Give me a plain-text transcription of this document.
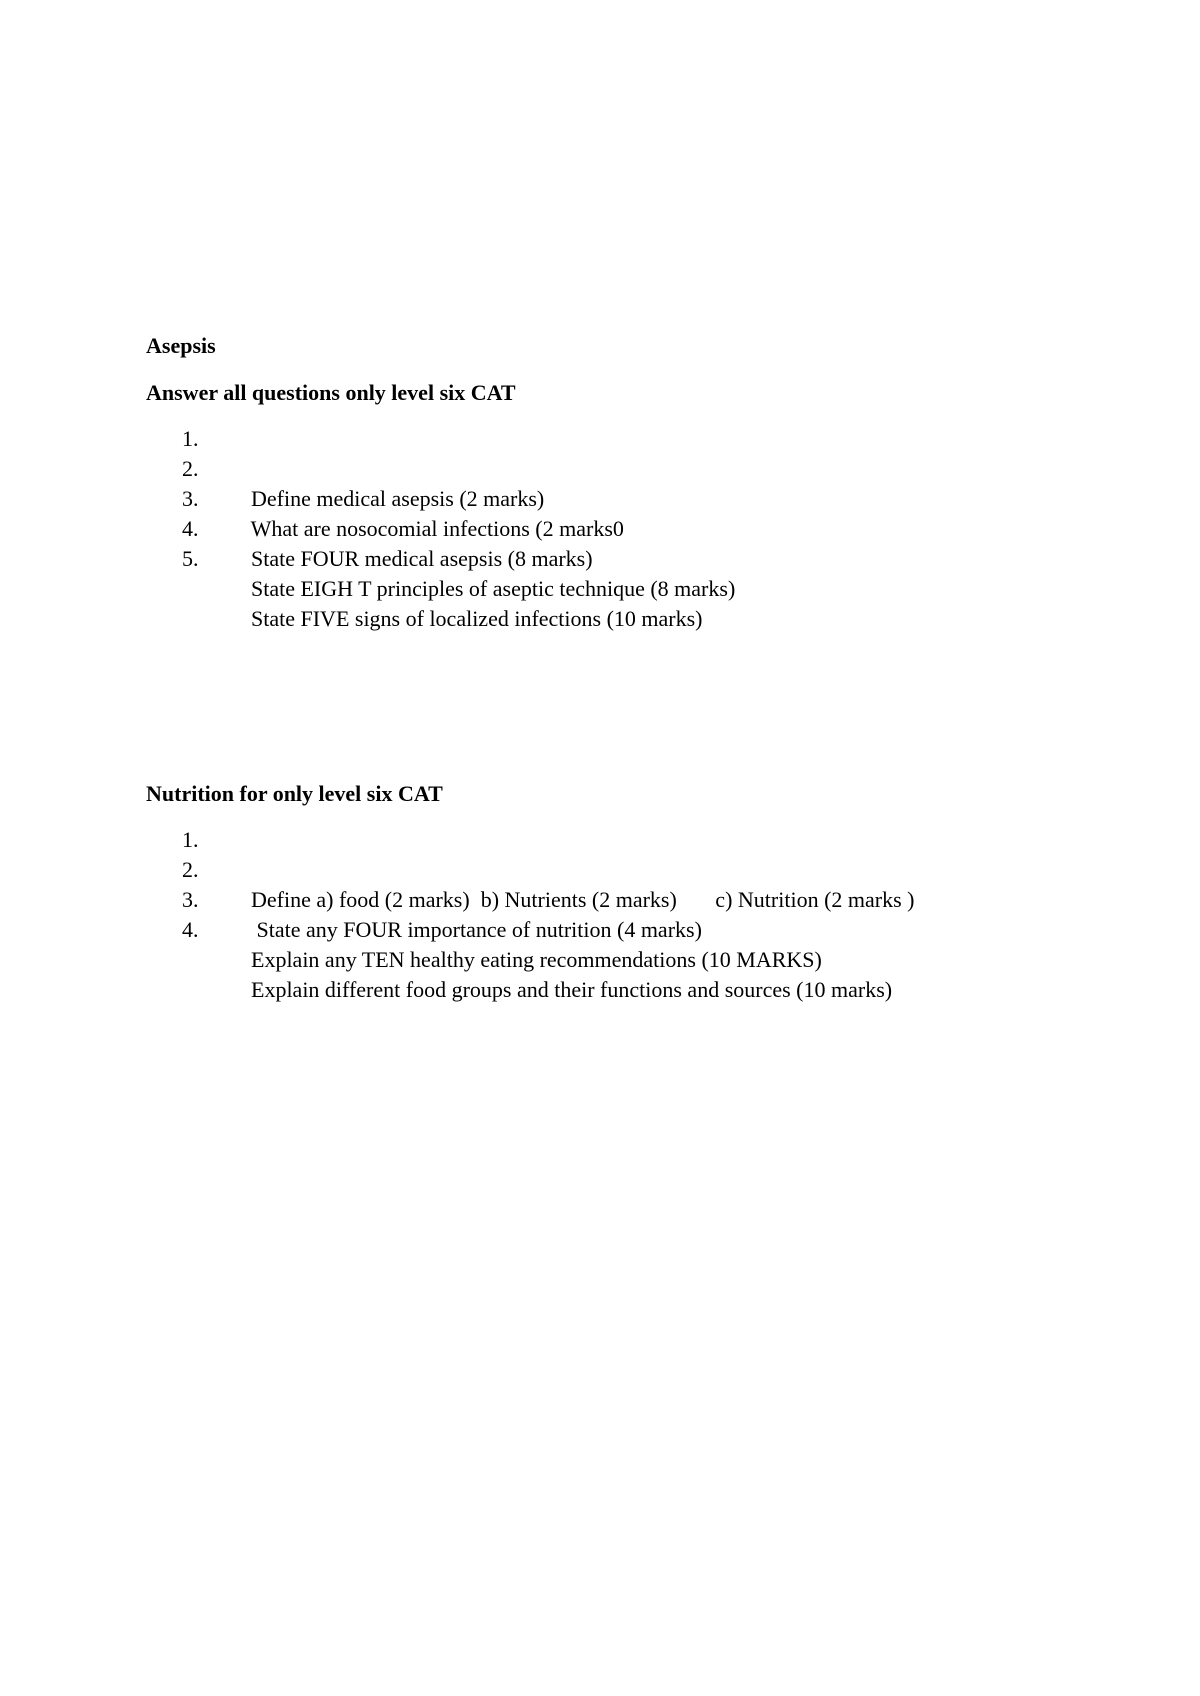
Asepsis
Answer all questions only level six CAT

1.

Define medical asepsis (2 marks)

2.

What are nosocomial infections (2 marks0

3.

State FOUR medical asepsis (8 marks)

4.

State EIGH T principles of aseptic technique (8 marks)

5.

State FIVE signs of localized infections (10 marks)

Nutrition for only level six CAT

1.

Define a) food (2 marks)  b) Nutrients (2 marks)       c) Nutrition (2 marks )

2.

State any FOUR importance of nutrition (4 marks)

3.

Explain any TEN healthy eating recommendations (10 MARKS)

4.

Explain different food groups and their functions and sources (10 marks)
